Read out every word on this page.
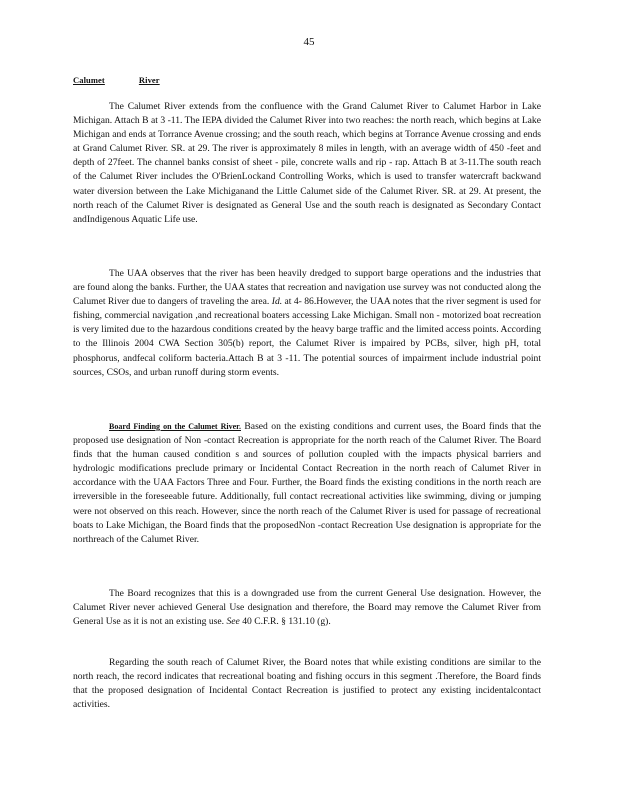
45
Calumet	River

The Calumet River extends from the confluence with the Grand Calumet River to Calumet Harbor in Lake Michigan. Attach B at 3 -11. The IEPA divided the Calumet River into two reaches: the north reach, which begins at Lake Michigan and ends at Torrance Avenue crossing; and the south reach, which begins at Torrance Avenue crossing and ends at Grand Calumet River. SR. at 29. The river is approximately 8 miles in length, with an average width of 450 -feet and depth of 27feet. The channel banks consist of sheet - pile, concrete walls and rip - rap. Attach B at 3-11.The south reach of the Calumet River includes the O'BrienLockand Controlling Works, which is used to transfer watercraft backwand water diversion between the Lake Michiganand the Little Calumet side of the Calumet River. SR. at 29. At present, the north reach of the Calumet River is designated as General Use and the south reach is designated as Secondary Contact andIndigenous Aquatic Life use.

The UAA observes that the river has been heavily dredged to support barge operations and the industries that are found along the banks. Further, the UAA states that recreation and navigation use survey was not conducted along the Calumet River due to dangers of traveling the area. Id. at 4- 86.However, the UAA notes that the river segment is used for fishing, commercial navigation ,and recreational boaters accessing Lake Michigan. Small non - motorized boat recreation is very limited due to the hazardous conditions created by the heavy barge traffic and the limited access points. According to the Illinois 2004 CWA Section 305(b) report, the Calumet River is impaired by PCBs, silver, high pH, total phosphorus, andfecal coliform bacteria.Attach B at 3 -11. The potential sources of impairment include industrial point sources, CSOs, and urban runoff during storm events.

Board Finding on the Calumet River. Based on the existing conditions and current uses, the Board finds that the proposed use designation of Non -contact Recreation is appropriate for the north reach of the Calumet River. The Board finds that the human caused condition s and sources of pollution coupled with the impacts physical barriers and hydrologic modifications preclude primary or Incidental Contact Recreation in the north reach of Calumet River in accordance with the UAA Factors Three and Four. Further, the Board finds the existing conditions in the north reach are irreversible in the foreseeable future. Additionally, full contact recreational activities like swimming, diving or jumping were not observed on this reach. However, since the north reach of the Calumet River is used for passage of recreational boats to Lake Michigan, the Board finds that the proposedNon -contact Recreation Use designation is appropriate for the northreach of the Calumet River.

The Board recognizes that this is a downgraded use from the current General Use designation. However, the Calumet River never achieved General Use designation and therefore, the Board may remove the Calumet River from General Use as it is not an existing use. See 40 C.F.R. § 131.10 (g).

Regarding the south reach of Calumet River, the Board notes that while existing conditions are similar to the north reach, the record indicates that recreational boating and fishing occurs in this segment .Therefore, the Board finds that the proposed designation of Incidental Contact Recreation is justified to protect any existing incidentalcontact activities.
